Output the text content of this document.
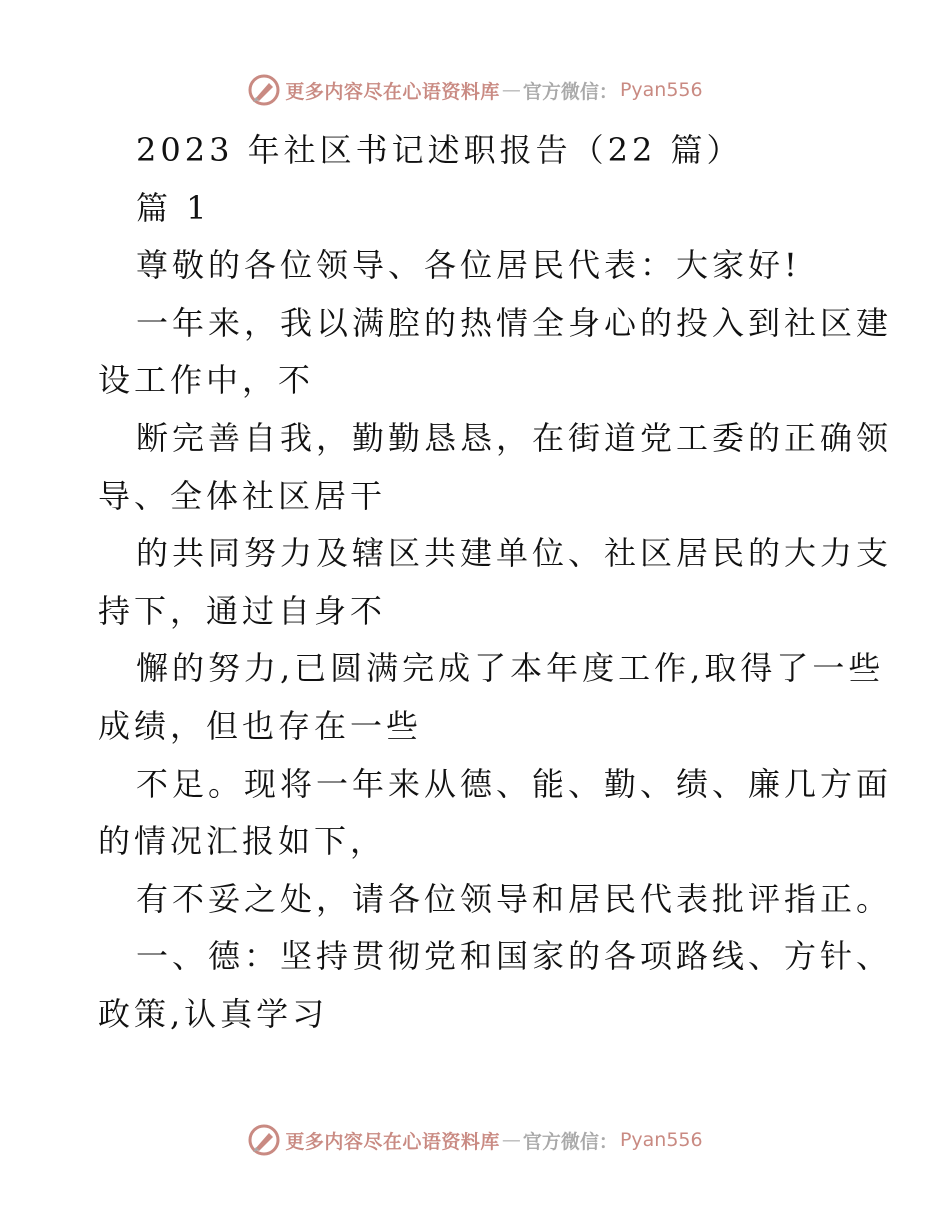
更多内容尽在心语资料库 — 官方微信： Pyan556
2023 年社区书记述职报告（22 篇）
篇 1
尊敬的各位领导、各位居民代表：大家好!
一年来，我以满腔的热情全身心的投入到社区建
设工作中，不
断完善自我，勤勤恳恳，在街道党工委的正确领
导、全体社区居干
的共同努力及辖区共建单位、社区居民的大力支
持下，通过自身不
懈的努力,已圆满完成了本年度工作,取得了一些
成绩，但也存在一些
不足。现将一年来从德、能、勤、绩、廉几方面
的情况汇报如下，
有不妥之处，请各位领导和居民代表批评指正。
一、德：坚持贯彻党和国家的各项路线、方针、
政策,认真学习
更多内容尽在心语资料库 — 官方微信： Pyan556
